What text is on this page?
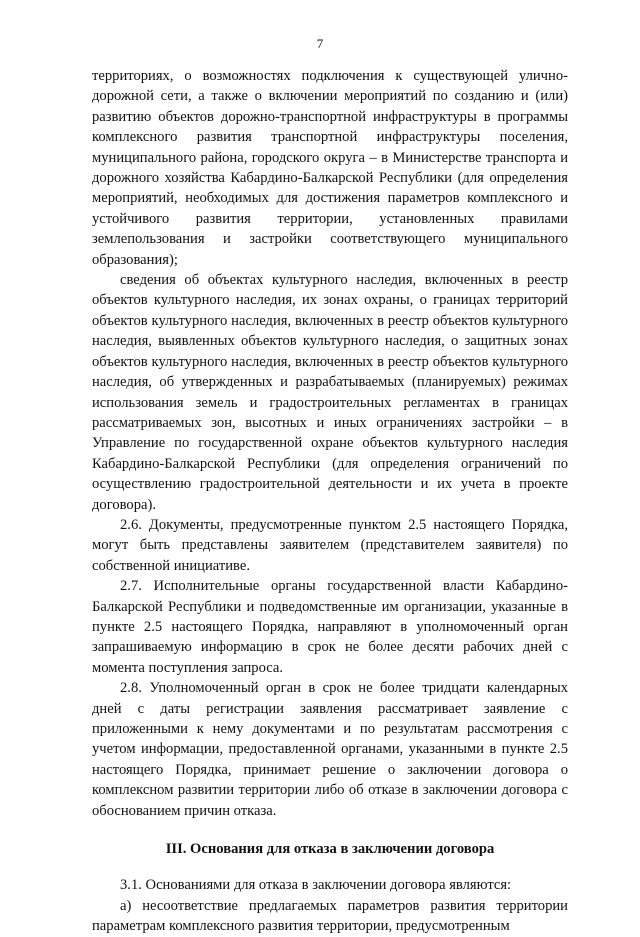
7

территориях, о возможностях подключения к существующей улично-дорожной сети, а также о включении мероприятий по созданию и (или) развитию объектов дорожно-транспортной инфраструктуры в программы комплексного развития транспортной инфраструктуры поселения, муниципального района, городского округа – в Министерстве транспорта и дорожного хозяйства Кабардино-Балкарской Республики (для определения мероприятий, необходимых для достижения параметров комплексного и устойчивого развития территории, установленных правилами землепользования и застройки соответствующего муниципального образования);

сведения об объектах культурного наследия, включенных в реестр объектов культурного наследия, их зонах охраны, о границах территорий объектов культурного наследия, включенных в реестр объектов культурного наследия, выявленных объектов культурного наследия, о защитных зонах объектов культурного наследия, включенных в реестр объектов культурного наследия, об утвержденных и разрабатываемых (планируемых) режимах использования земель и градостроительных регламентах в границах рассматриваемых зон, высотных и иных ограничениях застройки – в Управление по государственной охране объектов культурного наследия Кабардино-Балкарской Республики (для определения ограничений по осуществлению градостроительной деятельности и их учета в проекте договора).

2.6. Документы, предусмотренные пунктом 2.5 настоящего Порядка, могут быть представлены заявителем (представителем заявителя) по собственной инициативе.

2.7. Исполнительные органы государственной власти Кабардино-Балкарской Республики и подведомственные им организации, указанные в пункте 2.5 настоящего Порядка, направляют в уполномоченный орган запрашиваемую информацию в срок не более десяти рабочих дней с момента поступления запроса.

2.8. Уполномоченный орган в срок не более тридцати календарных дней с даты регистрации заявления рассматривает заявление с приложенными к нему документами и по результатам рассмотрения с учетом информации, предоставленной органами, указанными в пункте 2.5 настоящего Порядка, принимает решение о заключении договора о комплексном развитии территории либо об отказе в заключении договора с обоснованием причин отказа.

III. Основания для отказа в заключении договора

3.1. Основаниями для отказа в заключении договора являются:

а) несоответствие предлагаемых параметров развития территории параметрам комплексного развития территории, предусмотренным
